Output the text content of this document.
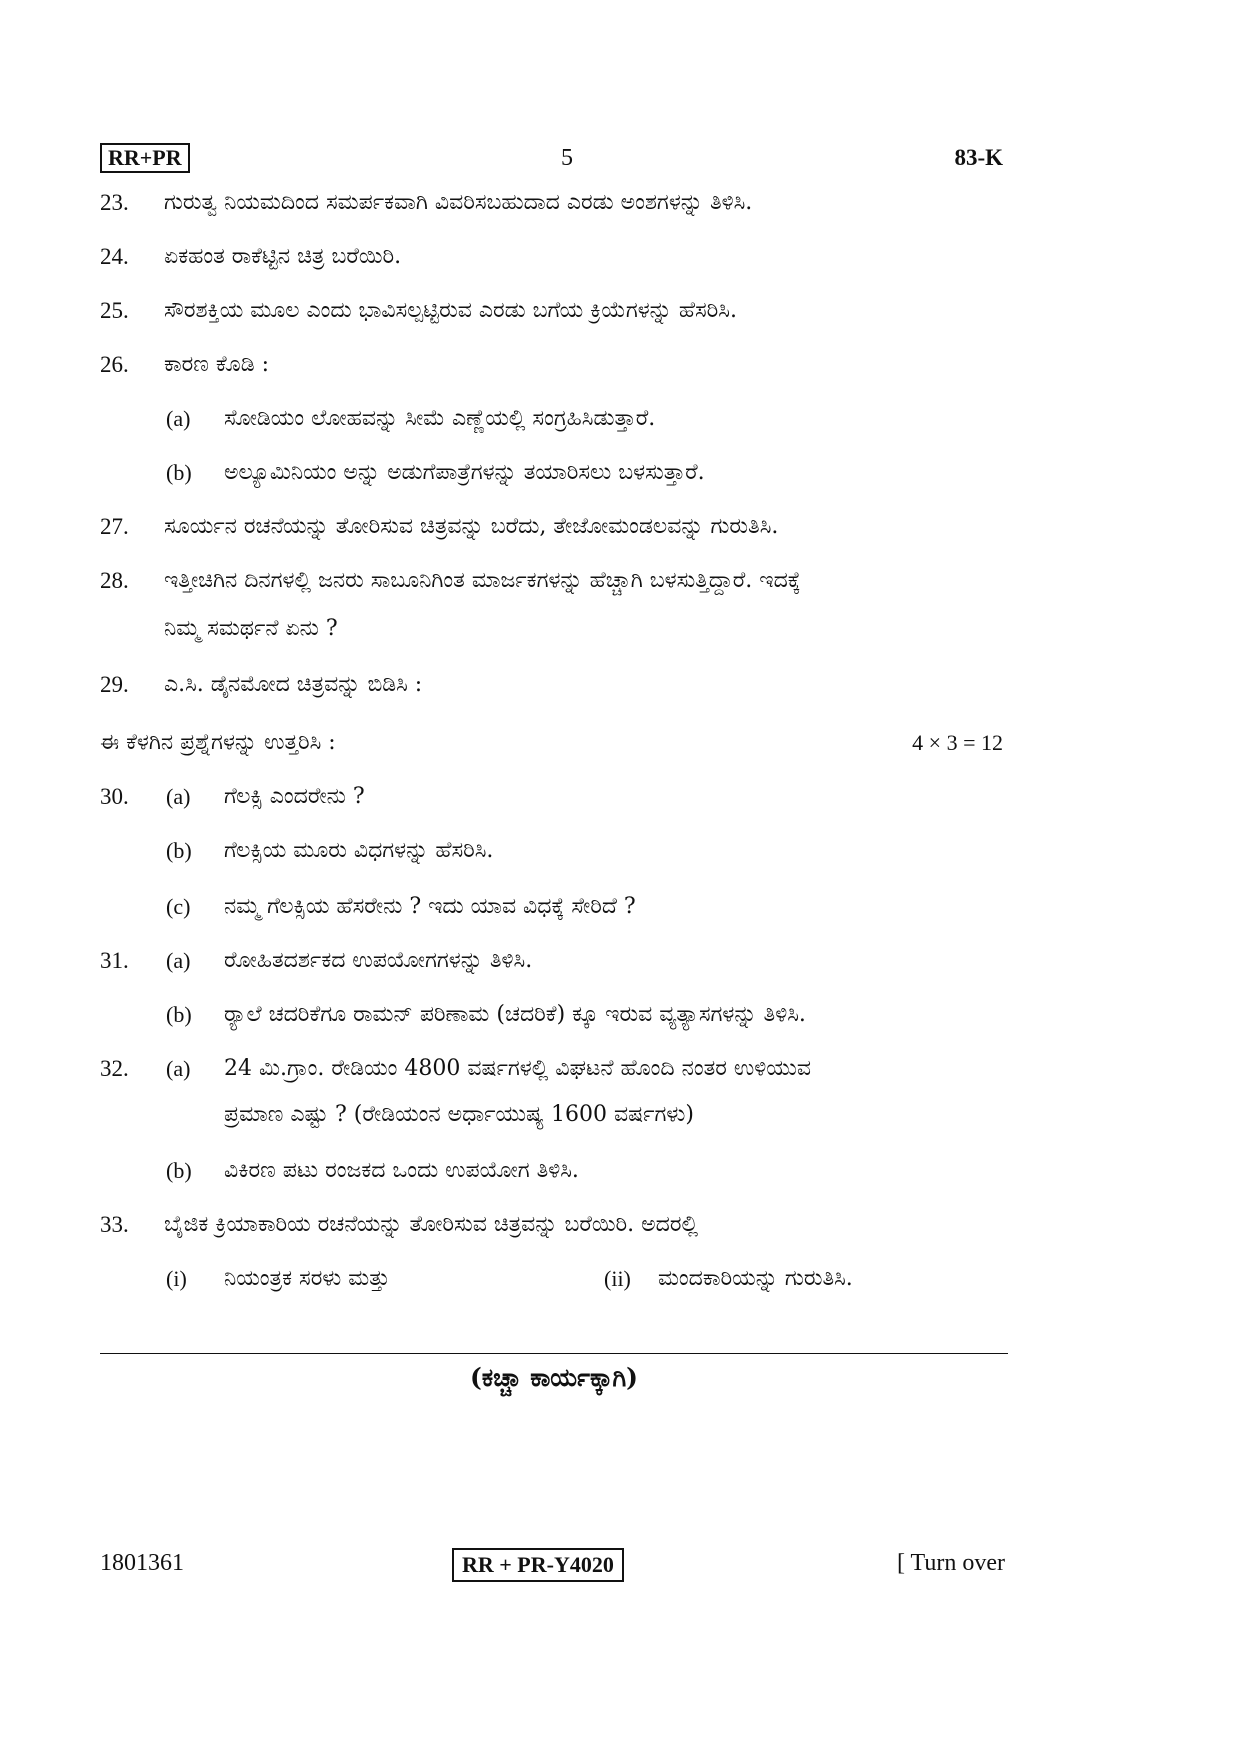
RR+PR	5	83-K
23.	ಗುರುತ್ವ ನಿಯಮದಿಂದ ಸಮರ್ಪಕವಾಗಿ ವಿವರಿಸಬಹುದಾದ ಎರಡು ಅಂಶಗಳನ್ನು ತಿಳಿಸಿ.
24.	ಏಕಹಂತ ರಾಕೆಟ್ಟಿನ ಚಿತ್ರ ಬರೆಯಿರಿ.
25.	ಸೌರಶಕ್ತಿಯ ಮೂಲ ಎಂದು ಭಾವಿಸಲ್ಪಟ್ಟಿರುವ ಎರಡು ಬಗೆಯ ಕ್ರಿಯೆಗಳನ್ನು ಹೆಸರಿಸಿ.
26.	ಕಾರಣ ಕೊಡಿ :
(a) ಸೋಡಿಯಂ ಲೋಹವನ್ನು ಸೀಮೆ ಎಣ್ಣೆಯಲ್ಲಿ ಸಂಗ್ರಹಿಸಿಡುತ್ತಾರೆ.
(b) ಅಲ್ಯೂಮಿನಿಯಂ ಅನ್ನು ಅಡುಗೆಪಾತ್ರೆಗಳನ್ನು ತಯಾರಿಸಲು ಬಳಸುತ್ತಾರೆ.
27.	ಸೂರ್ಯನ ರಚನೆಯನ್ನು ತೋರಿಸುವ ಚಿತ್ರವನ್ನು ಬರೆದು, ತೇಜೋಮಂಡಲವನ್ನು ಗುರುತಿಸಿ.
28.	ಇತ್ತೀಚಿಗಿನ ದಿನಗಳಲ್ಲಿ ಜನರು ಸಾಬೂನಿಗಿಂತ ಮಾರ್ಜಕಗಳನ್ನು ಹೆಚ್ಚಾಗಿ ಬಳಸುತ್ತಿದ್ದಾರೆ. ಇದಕ್ಕೆ
ನಿಮ್ಮ ಸಮರ್ಥನೆ ಏನು ?
29.	ಎ.ಸಿ. ಡೈನಮೋದ ಚಿತ್ರವನ್ನು ಬಿಡಿಸಿ :
ಈ ಕೆಳಗಿನ ಪ್ರಶ್ನೆಗಳನ್ನು ಉತ್ತರಿಸಿ :	4 × 3 = 12
30.	(a) ಗೆಲಕ್ಸಿ ಎಂದರೇನು ?
(b) ಗೆಲಕ್ಸಿಯ ಮೂರು ವಿಧಗಳನ್ನು ಹೆಸರಿಸಿ.
(c) ನಮ್ಮ ಗೆಲಕ್ಸಿಯ ಹೆಸರೇನು ? ಇದು ಯಾವ ವಿಧಕ್ಕೆ ಸೇರಿದೆ ?
31.	(a) ರೋಹಿತದರ್ಶಕದ ಉಪಯೋಗಗಳನ್ನು ತಿಳಿಸಿ.
(b) ರ್‍ಯಾಲೆ ಚದರಿಕೆಗೂ ರಾಮನ್ ಪರಿಣಾಮ (ಚದರಿಕೆ) ಕ್ಕೂ ಇರುವ ವ್ಯತ್ಯಾಸಗಳನ್ನು ತಿಳಿಸಿ.
32.	(a) 24 ಮಿ.ಗ್ರಾಂ. ರೇಡಿಯಂ 4800 ವರ್ಷಗಳಲ್ಲಿ ವಿಘಟನೆ ಹೊಂದಿ ನಂತರ ಉಳಿಯುವ
ಪ್ರಮಾಣ ಎಷ್ಟು ? (ರೇಡಿಯಂನ ಅರ್ಧಾಯುಷ್ಯ 1600 ವರ್ಷಗಳು)
(b) ವಿಕಿರಣ ಪಟು ರಂಜಕದ ಒಂದು ಉಪಯೋಗ ತಿಳಿಸಿ.
33.	ಬೈಜಿಕ ಕ್ರಿಯಾಕಾರಿಯ ರಚನೆಯನ್ನು ತೋರಿಸುವ ಚಿತ್ರವನ್ನು ಬರೆಯಿರಿ. ಅದರಲ್ಲಿ
(i) ನಿಯಂತ್ರಕ ಸರಳು ಮತ್ತು	(ii) ಮಂದಕಾರಿಯನ್ನು ಗುರುತಿಸಿ.
(ಕಚ್ಚಾ ಕಾರ್ಯಕ್ಕಾಗಿ)
1801361	RR + PR-Y4020	[ Turn over
